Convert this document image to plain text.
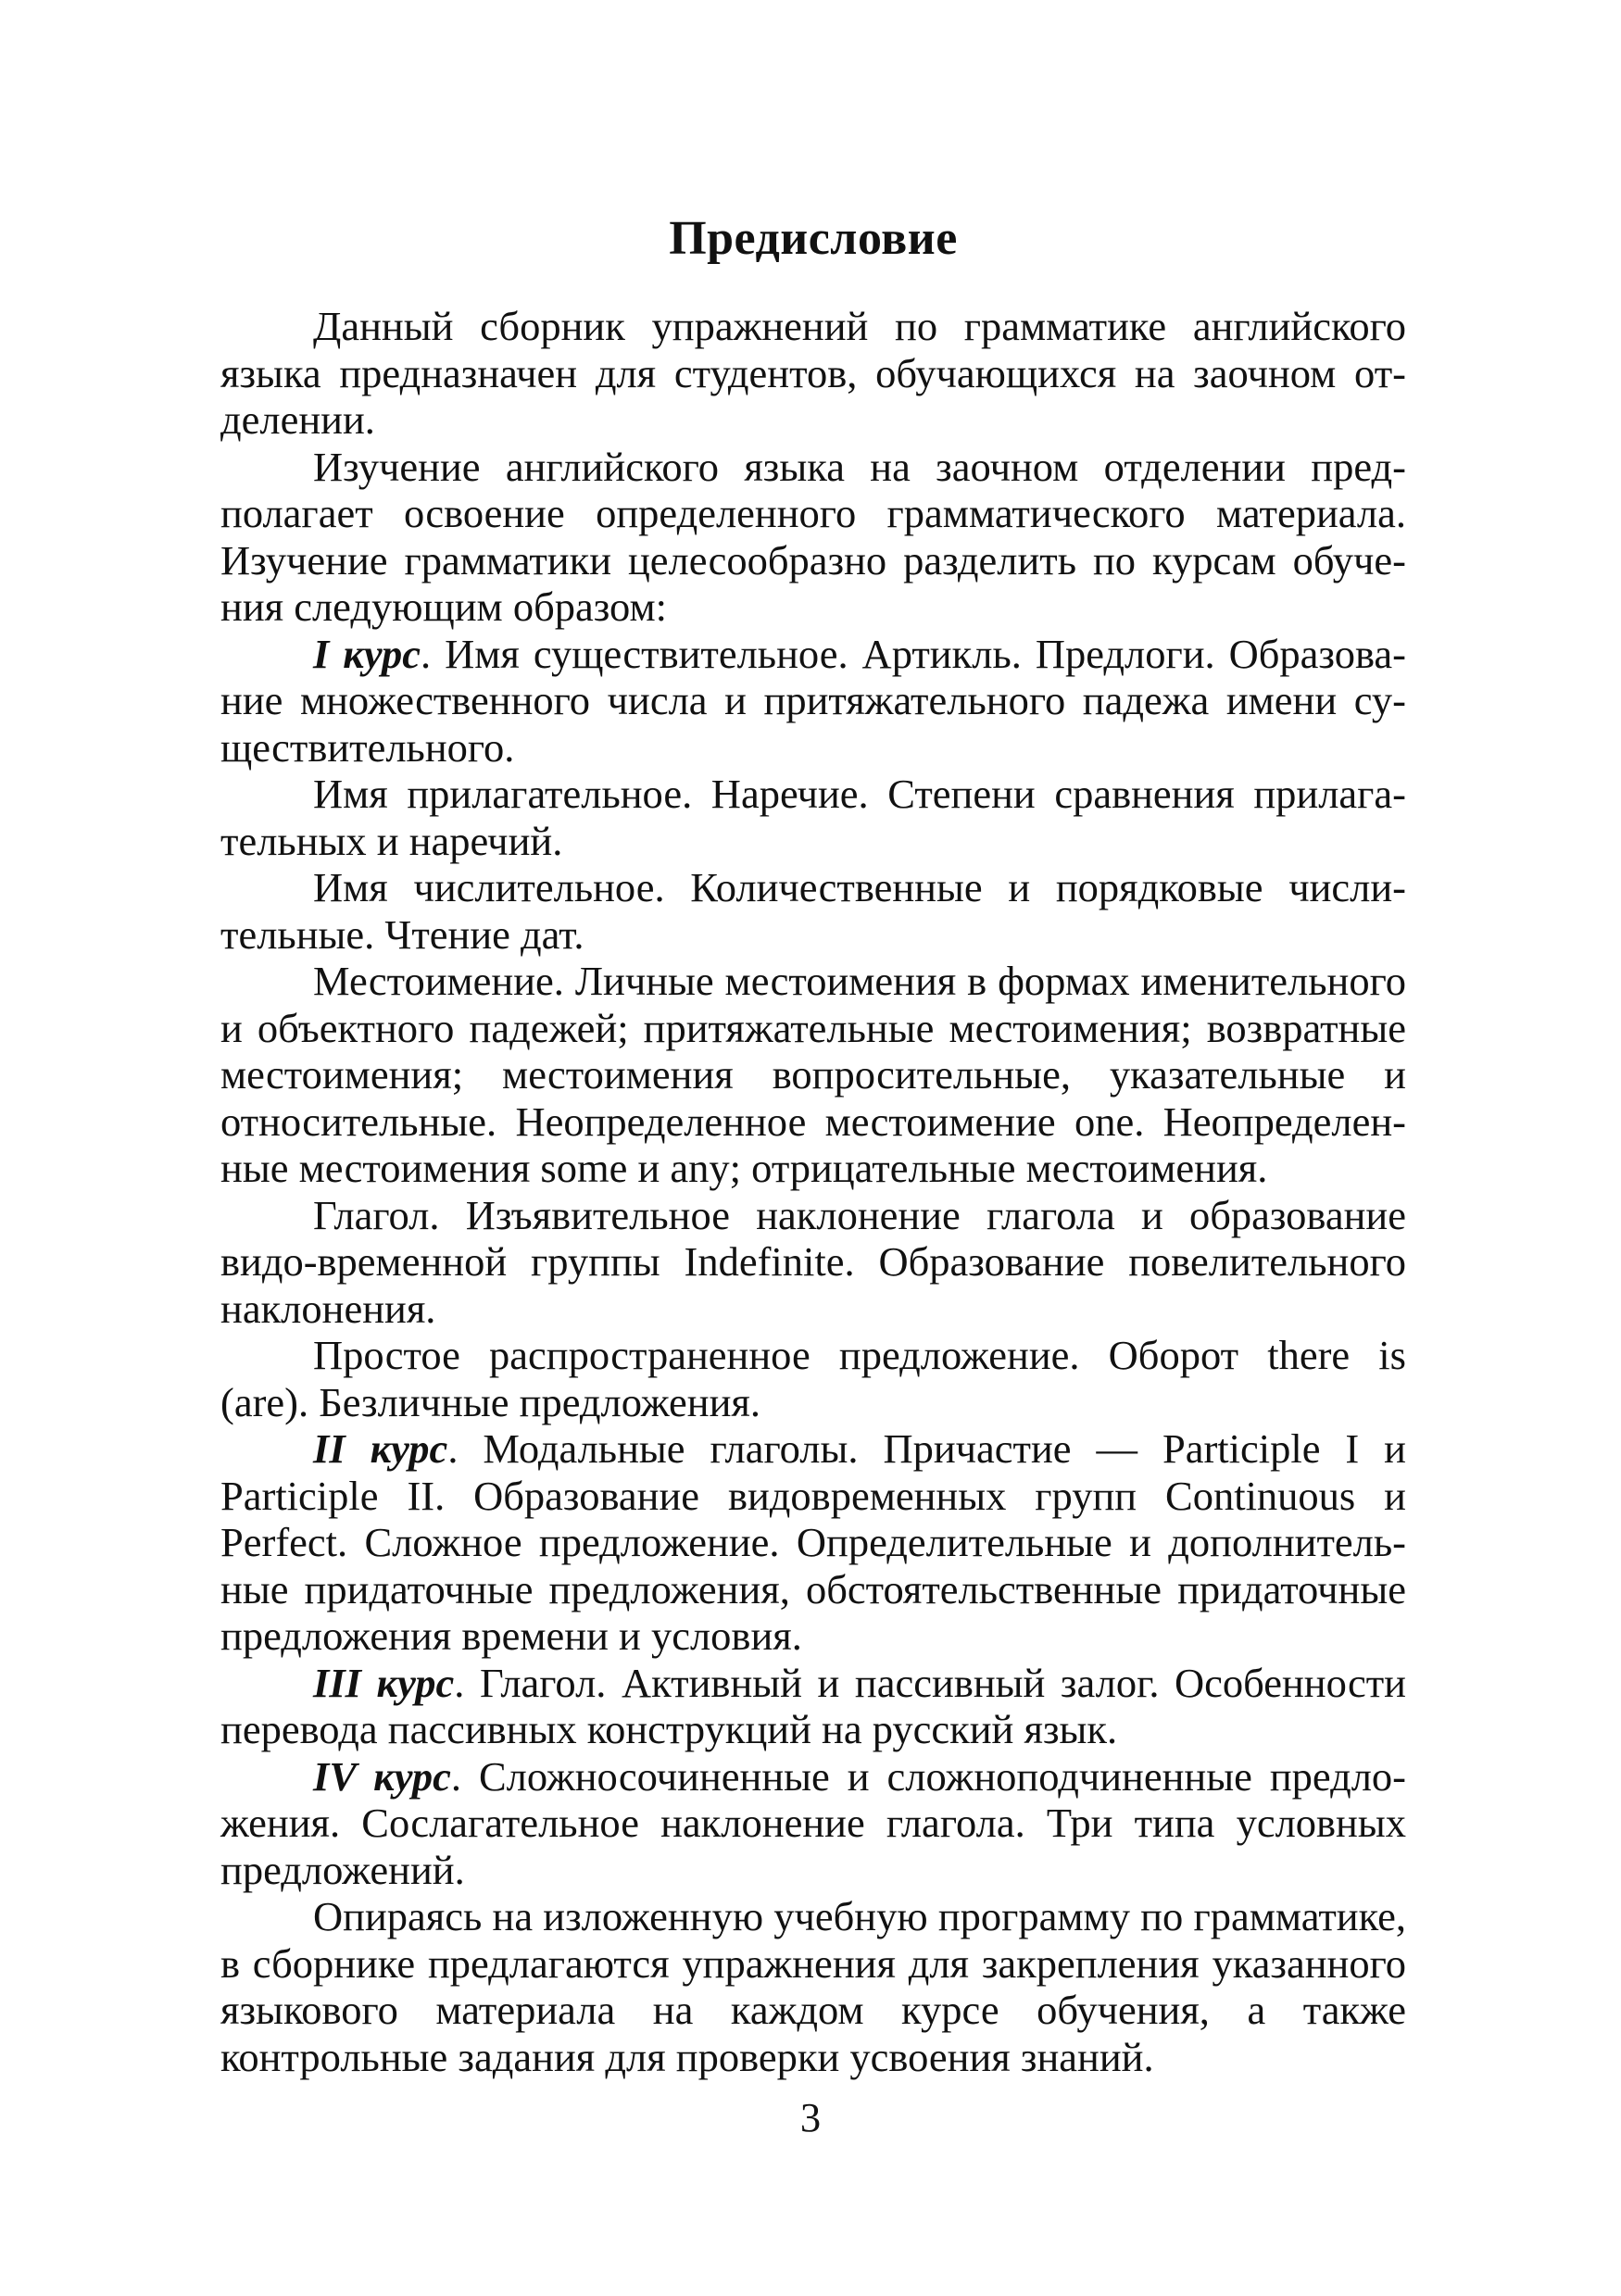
Предисловие

Данный сборник упражнений по грамматике английского языка предназначен для студентов, обучающихся на заочном отделении.

Изучение английского языка на заочном отделении предполагает освоение определенного грамматического материала. Изучение грамматики целесообразно разделить по курсам обучения следующим образом:

I курс. Имя существительное. Артикль. Предлоги. Образование множественного числа и притяжательного падежа имени существительного.

Имя прилагательное. Наречие. Степени сравнения прилагательных и наречий.

Имя числительное. Количественные и порядковые числительные. Чтение дат.

Местоимение. Личные местоимения в формах именительного и объектного падежей; притяжательные местоимения; возвратные местоимения; местоимения вопросительные, указательные и относительные. Неопределенное местоимение one. Неопределенные местоимения some и any; отрицательные местоимения.

Глагол. Изъявительное наклонение глагола и образование видо-временной группы Indefinite. Образование повелительного наклонения.

Простое распространенное предложение. Оборот there is (are). Безличные предложения.

II курс. Модальные глаголы. Причастие — Participle I и Participle II. Образование видовременных групп Continuous и Perfect. Сложное предложение. Определительные и дополнительные придаточные предложения, обстоятельственные придаточные предложения времени и условия.

III курс. Глагол. Активный и пассивный залог. Особенности перевода пассивных конструкций на русский язык.

IV курс. Сложносочиненные и сложноподчиненные предложения. Сослагательное наклонение глагола. Три типа условных предложений.

Опираясь на изложенную учебную программу по грамматике, в сборнике предлагаются упражнения для закрепления указанного языкового материала на каждом курсе обучения, а также контрольные задания для проверки усвоения знаний.

3
